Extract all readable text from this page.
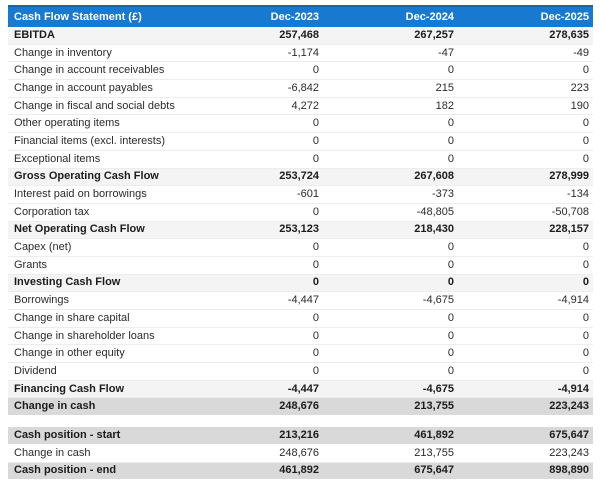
Cash Flow Statement (£)	Dec-2023	Dec-2024	Dec-2025
EBITDA	257,468	267,257	278,635
Change in inventory	-1,174	-47	-49
Change in account receivables	0	0	0
Change in account payables	-6,842	215	223
Change in fiscal and social debts	4,272	182	190
Other operating items	0	0	0
Financial items (excl. interests)	0	0	0
Exceptional items	0	0	0
Gross Operating Cash Flow	253,724	267,608	278,999
Interest paid on borrowings	-601	-373	-134
Corporation tax	0	-48,805	-50,708
Net Operating Cash Flow	253,123	218,430	228,157
Capex (net)	0	0	0
Grants	0	0	0
Investing Cash Flow	0	0	0
Borrowings	-4,447	-4,675	-4,914
Change in share capital	0	0	0
Change in shareholder loans	0	0	0
Change in other equity	0	0	0
Dividend	0	0	0
Financing Cash Flow	-4,447	-4,675	-4,914
Change in cash	248,676	213,755	223,243
Cash position - start	213,216	461,892	675,647
Change in cash	248,676	213,755	223,243
Cash position - end	461,892	675,647	898,890
